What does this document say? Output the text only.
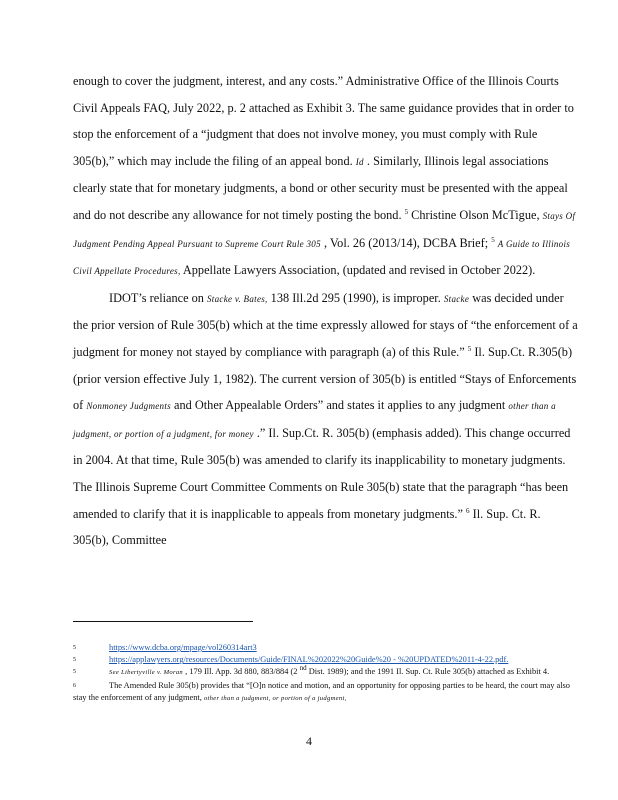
enough to cover the judgment, interest, and any costs.” Administrative Office of the Illinois Courts Civil Appeals FAQ, July 2022, p. 2 attached as Exhibit 3. The same guidance provides that in order to stop the enforcement of a “judgment that does not involve money, you must comply with Rule 305(b),” which may include the filing of an appeal bond. Id . Similarly, Illinois legal associations clearly state that for monetary judgments, a bond or other security must be presented with the appeal and do not describe any allowance for not timely posting the bond. $^5$ Christine Olson McTigue, Stays Of Judgment Pending Appeal Pursuant to Supreme Court Rule 305 , Vol. 26 (2013/14), DCBA Brief; $^5$ A Guide to Illinois Civil Appellate Procedures, Appellate Lawyers Association, (updated and revised in October 2022).

IDOT’s reliance on Stacke v. Bates, 138 Ill.2d 295 (1990), is improper. Stacke was decided under the prior version of Rule 305(b) which at the time expressly allowed for stays of “the enforcement of a judgment for money not stayed by compliance with paragraph (a) of this Rule.” $^5$ Il. Sup.Ct. R.305(b) (prior version effective July 1, 1982). The current version of 305(b) is entitled “Stays of Enforcements of Nonmoney Judgments and Other Appealable Orders” and states it applies to any judgment other than a judgment, or portion of a judgment, for money .” Il. Sup.Ct. R. 305(b) (emphasis added). This change occurred in 2004. At that time, Rule 305(b) was amended to clarify its inapplicability to monetary judgments. The Illinois Supreme Court Committee Comments on Rule 305(b) state that the paragraph “has been amended to clarify that it is inapplicable to appeals from monetary judgments.” $^6$ Il. Sup. Ct. R. 305(b), Committee

5	https://www.dcba.org/mpage/vol260314art3

5	https://applawyers.org/resources/Documents/Guide/FINAL%202022%20Guide%20 - %20UPDATED%2011-4-22.pdf.

5	See Libertyville v. Moran , 179 Ill. App. 3d 880, 883/884 (2 $^{nd}$ Dist. 1989); and the 1991 Il. Sup. Ct. Rule 305(b) attached as Exhibit 4.

6	The Amended Rule 305(b) provides that “[O]n notice and motion, and an opportunity for opposing parties to be heard, the court may also stay the enforcement of any judgment, other than a judgment, or portion of a judgment,

4
